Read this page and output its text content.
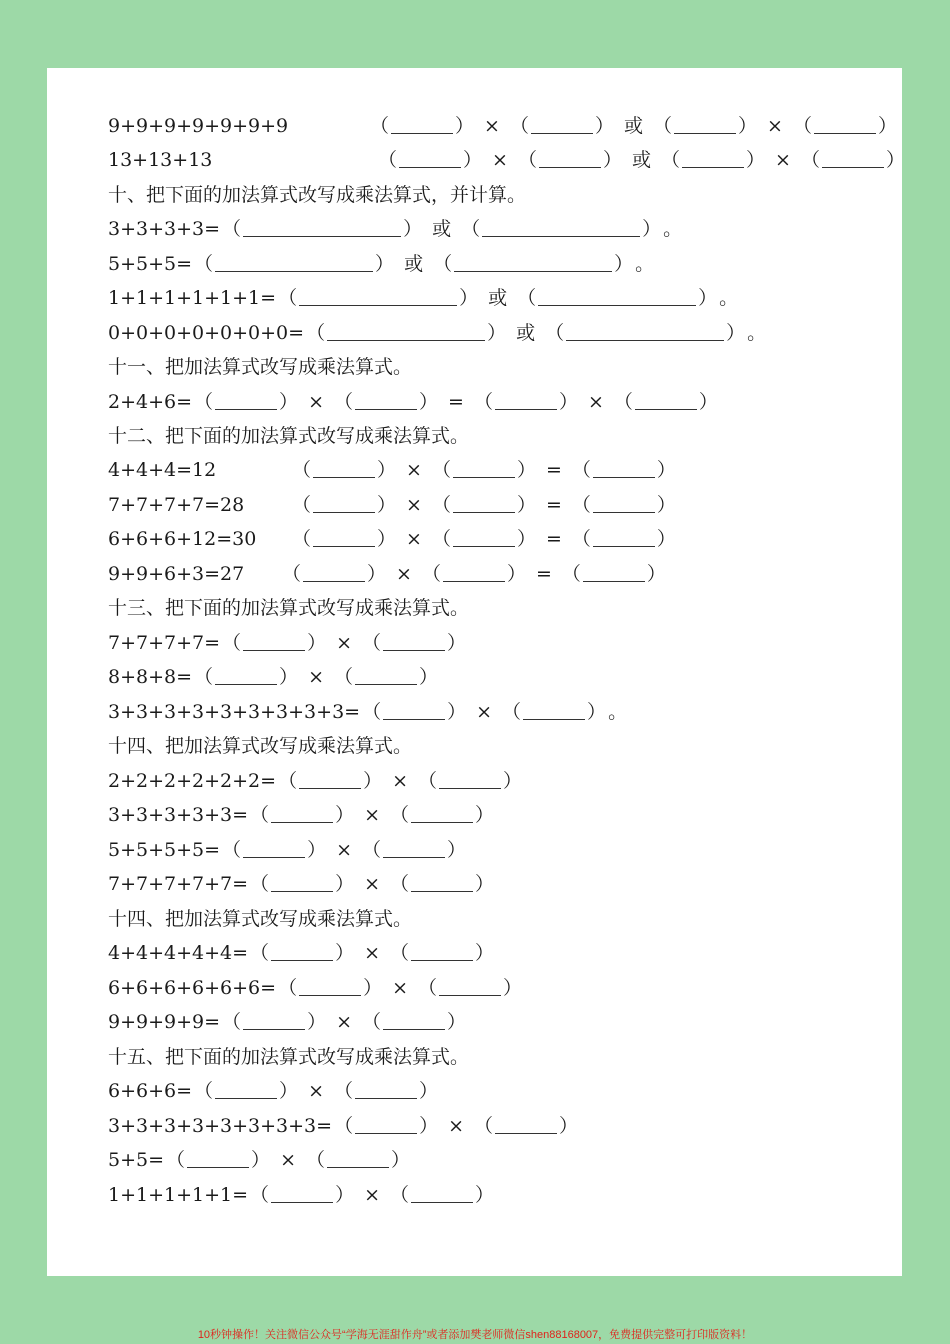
9+9+9+9+9+9+9	（	） × （	） 或 （	） × （	）
13+13+13	（	） × （	） 或 （	） × （	）
十、把下面的加法算式改写成乘法算式，并计算。
3+3+3+3= （	） 或 （	） 。
5+5+5= （	） 或 （	） 。
1+1+1+1+1+1= （	） 或 （	） 。
0+0+0+0+0+0+0= （	） 或 （	） 。
十一、把加法算式改写成乘法算式。
2+4+6= （	） × （	） = （	） × （	）
十二、把下面的加法算式改写成乘法算式。
4+4+4=12	（	） × （	） = （	）
7+7+7+7=28	（	） × （	） = （	）
6+6+6+12=30 （	） × （	） = （	）
9+9+6+3=27 （	） × （	） = （	）
十三、把下面的加法算式改写成乘法算式。
7+7+7+7= （	） × （	）
8+8+8= （	） × （	）
3+3+3+3+3+3+3+3+3= （	） × （	） 。
十四、把加法算式改写成乘法算式。
2+2+2+2+2+2= （	） × （	）
3+3+3+3+3= （	） × （	）
5+5+5+5= （	） × （	）
7+7+7+7+7= （	） × （	）
十四、把加法算式改写成乘法算式。
4+4+4+4+4= （	） × （	）
6+6+6+6+6+6= （	） × （	）
9+9+9+9= （	） × （	）
十五、把下面的加法算式改写成乘法算式。
6+6+6= （	） × （	）
3+3+3+3+3+3+3+3= （	） × （	）
5+5= （	） × （	）
1+1+1+1+1= （	） × （	）
10秒钟操作！关注微信公众号“学海无涯甜作舟”或者添加樊老师微信shen88168007，免费提供完整可打印版资料！
